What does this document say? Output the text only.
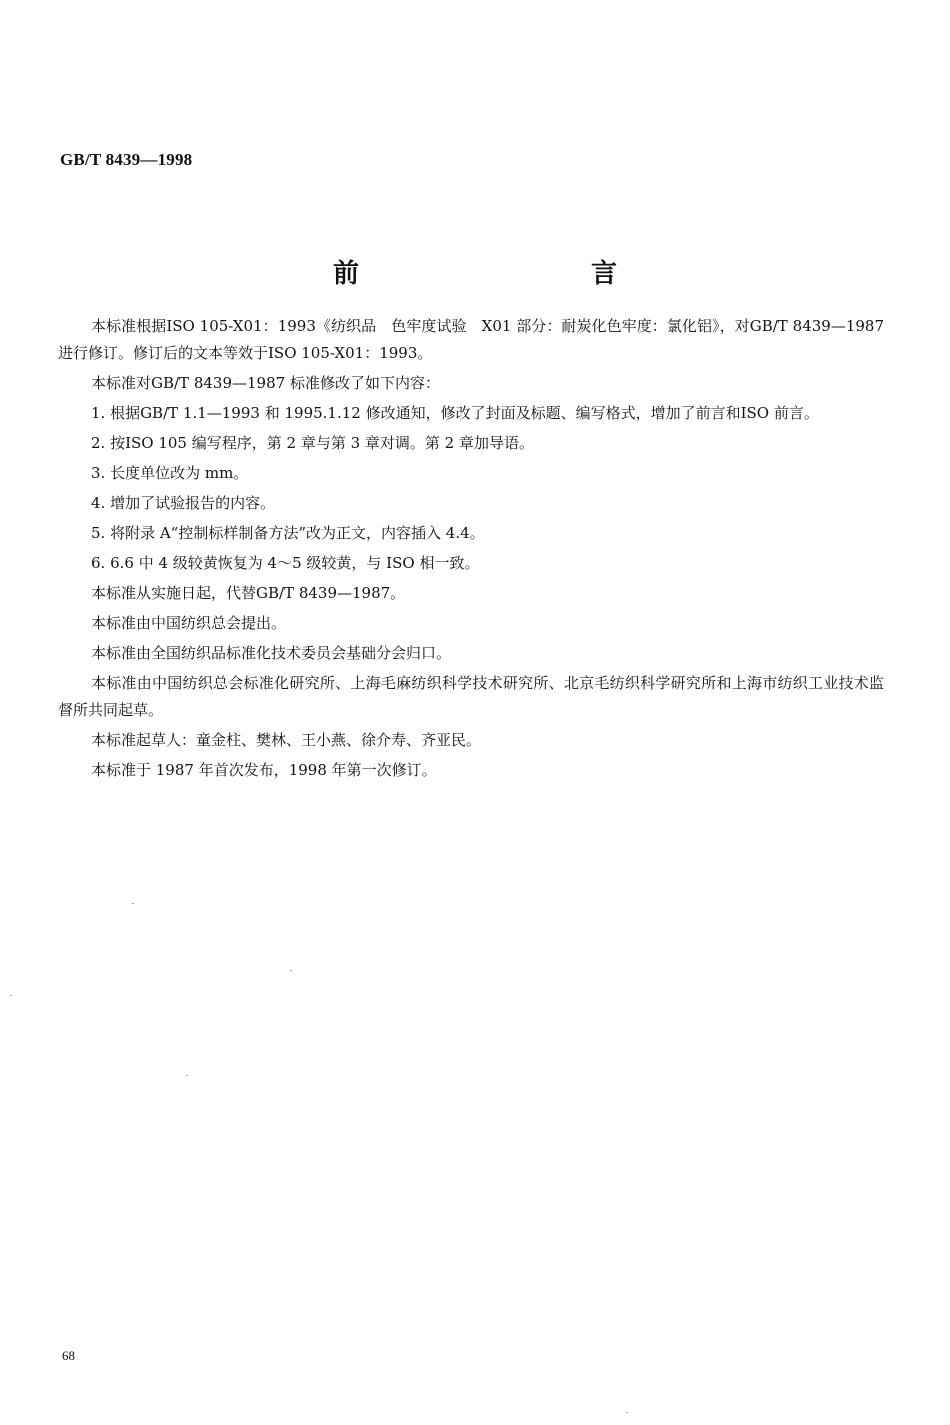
GB/T 8439—1998
前　　言

本标准根据ISO 105-X01：1993《纺织品　色牢度试验　X01 部分：耐炭化色牢度：氯化铝》，对GB/T 8439—1987进行修订。修订后的文本等效于ISO 105-X01：1993。

本标准对GB/T 8439—1987 标准修改了如下内容：

1. 根据GB/T 1.1—1993 和 1995.1.12 修改通知，修改了封面及标题、编写格式，增加了前言和ISO 前言。

2. 按ISO 105 编写程序，第 2 章与第 3 章对调。第 2 章加导语。

3. 长度单位改为 mm。

4. 增加了试验报告的内容。

5. 将附录 A“控制标样制备方法”改为正文，内容插入 4.4。

6. 6.6 中 4 级较黄恢复为 4～5 级较黄，与 ISO 相一致。

本标准从实施日起，代替GB/T 8439—1987。

本标准由中国纺织总会提出。

本标准由全国纺织品标准化技术委员会基础分会归口。

本标准由中国纺织总会标准化研究所、上海毛麻纺织科学技术研究所、北京毛纺织科学研究所和上海市纺织工业技术监督所共同起草。

本标准起草人：童金柱、樊林、王小燕、徐介寿、齐亚民。

本标准于 1987 年首次发布，1998 年第一次修订。

68
